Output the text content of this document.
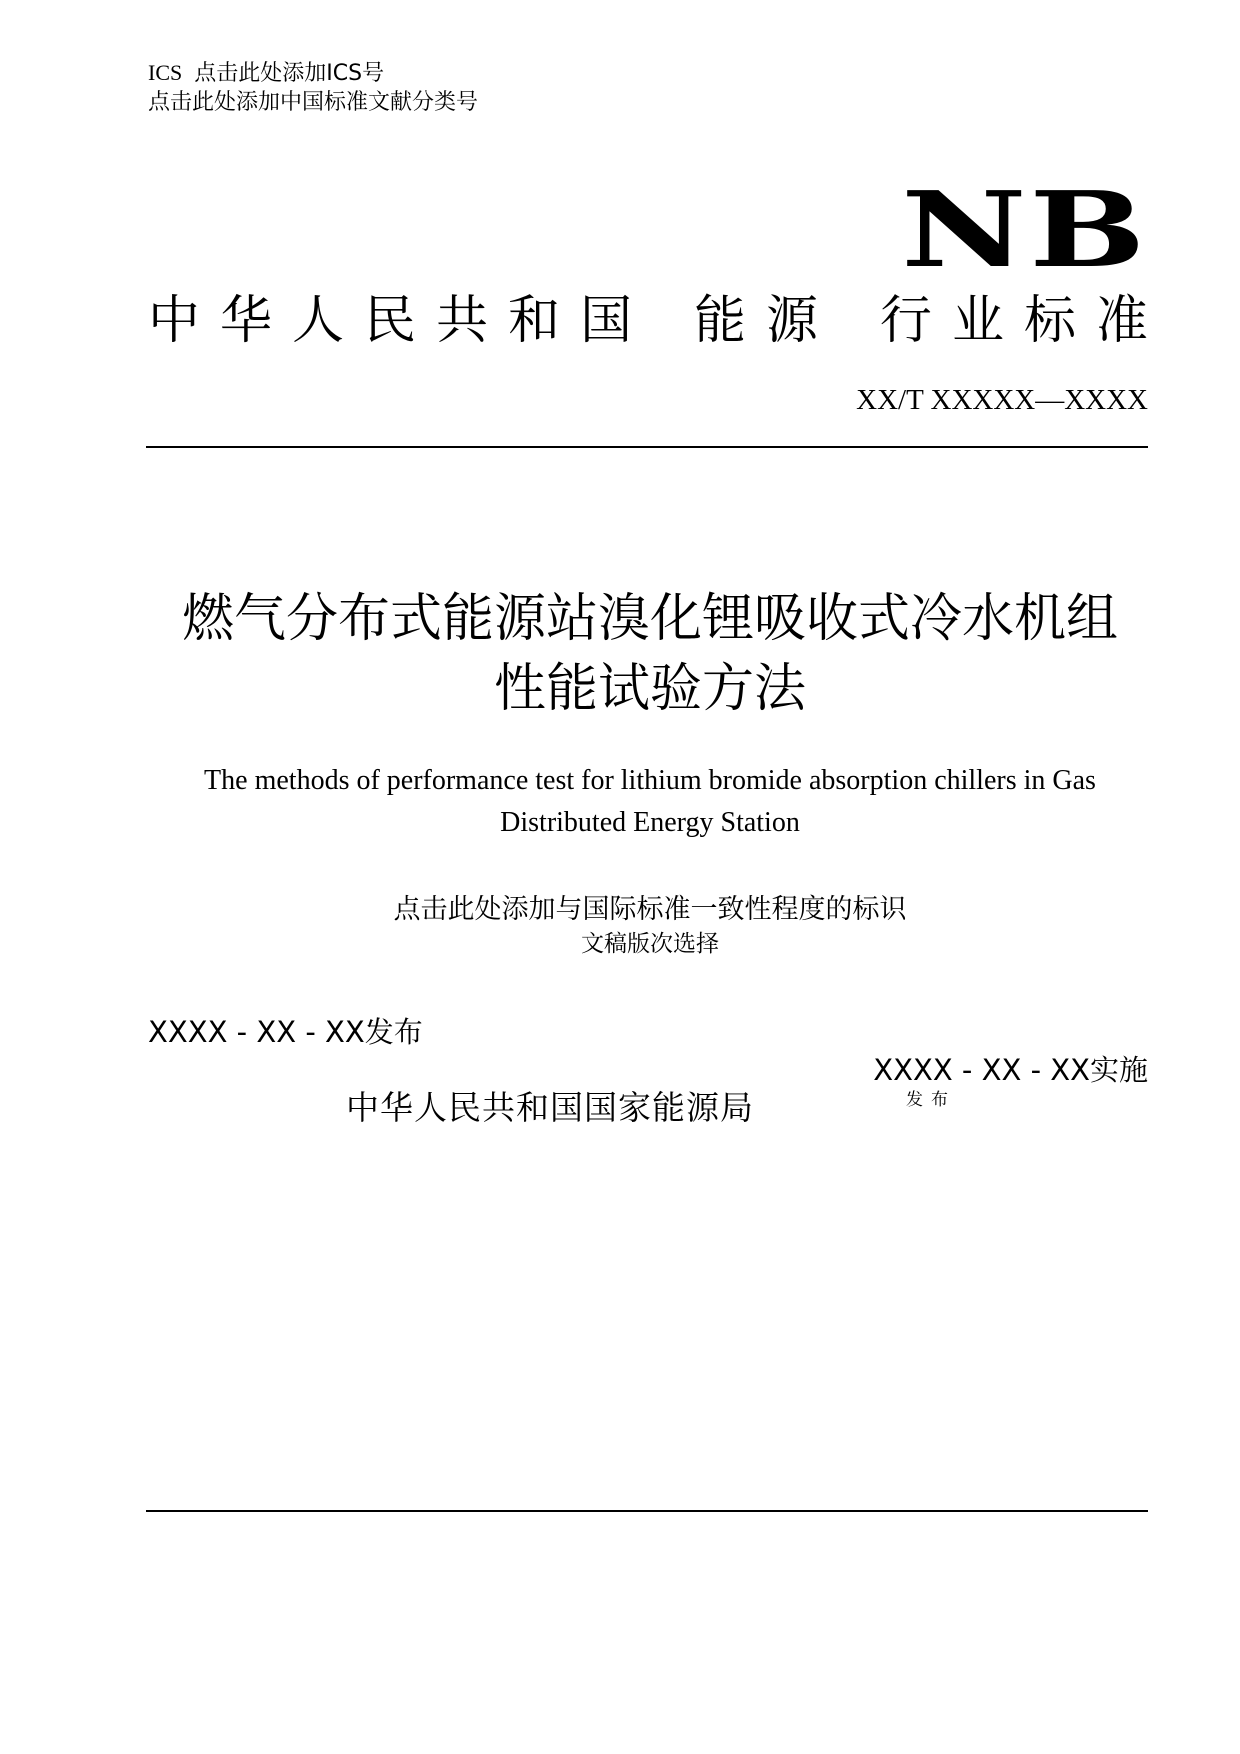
ICS 点击此处添加ICS号
点击此处添加中国标准文献分类号
NB
中 华 人 民 共 和 国 能 源 行 业 标 准
XX/T XXXXX—XXXX
燃气分布式能源站溴化锂吸收式冷水机组
性能试验方法
The methods of performance test for lithium bromide absorption chillers in Gas Distributed Energy Station
点击此处添加与国际标准一致性程度的标识
文稿版次选择
XXXX - XX - XX发布
XXXX - XX - XX实施
中华人民共和国国家能源局	发布
